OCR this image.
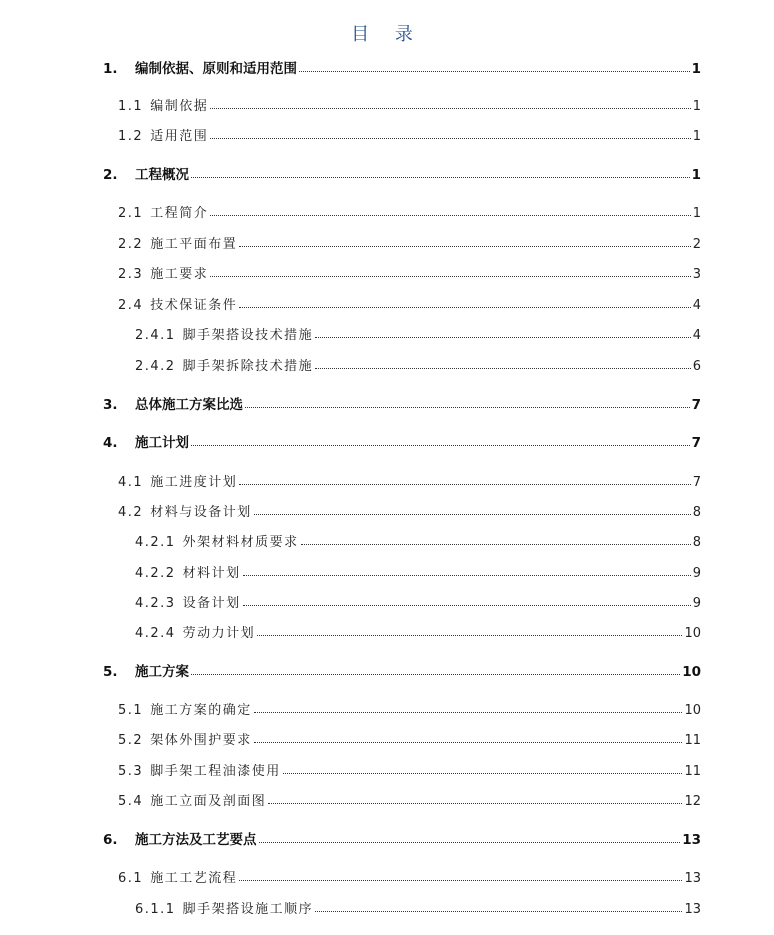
目 录
1.	编制依据、原则和适用范围	1
1.1 编制依据	1
1.2 适用范围	1
2.	工程概况	1
2.1 工程简介	1
2.2 施工平面布置	2
2.3 施工要求	3
2.4 技术保证条件	4
2.4.1 脚手架搭设技术措施	4
2.4.2 脚手架拆除技术措施	6
3.	总体施工方案比选	7
4.	施工计划	7
4.1 施工进度计划	7
4.2 材料与设备计划	8
4.2.1 外架材料材质要求	8
4.2.2 材料计划	9
4.2.3 设备计划	9
4.2.4 劳动力计划	10
5.	施工方案	10
5.1 施工方案的确定	10
5.2 架体外围护要求	11
5.3 脚手架工程油漆使用	11
5.4 施工立面及剖面图	12
6.	施工方法及工艺要点	13
6.1 施工工艺流程	13
6.1.1 脚手架搭设施工顺序	13
